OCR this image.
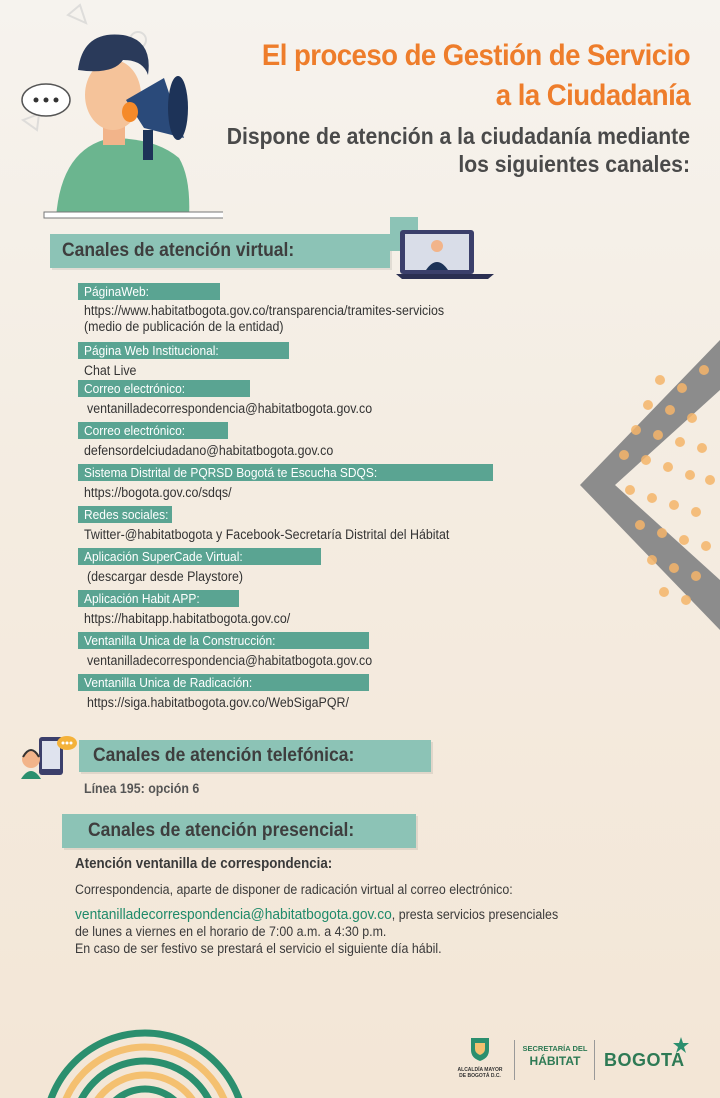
El proceso de Gestión de Servicio
a la Ciudadanía
Dispone de atención a la ciudadanía mediante
los siguientes canales:
Canales de atención virtual:
PáginaWeb:
https://www.habitatbogota.gov.co/transparencia/tramites-servicios
(medio de publicación de la entidad)
Página Web Institucional:
Chat Live
Correo electrónico:
ventanilladecorrespondencia@habitatbogota.gov.co
Correo electrónico:
defensordelciudadano@habitatbogota.gov.co
Sistema Distrital de PQRSD Bogotá te Escucha SDQS:
https://bogota.gov.co/sdqs/
Redes sociales:
Twitter-@habitatbogota y Facebook-Secretaría Distrital del Hábitat
Aplicación SuperCade Virtual:
(descargar desde Playstore)
Aplicación Habit APP:
https://habitapp.habitatbogota.gov.co/
Ventanilla Unica de la Construcción:
ventanilladecorrespondencia@habitatbogota.gov.co
Ventanilla Unica de Radicación:
https://siga.habitatbogota.gov.co/WebSigaPQR/
Canales de atención telefónica:
Línea 195: opción 6
Canales de atención presencial:
Atención ventanilla de correspondencia:
Correspondencia, aparte de disponer de radicación virtual al correo electrónico:
ventanilladecorrespondencia@habitatbogota.gov.co, presta servicios presenciales
de lunes a viernes en el horario de 7:00 a.m. a 4:30 p.m.
En caso de ser festivo se prestará el servicio el siguiente día hábil.
ALCALDÍA MAYOR
DE BOGOTÁ D.C.
SECRETARÍA DEL
HÁBITAT	BOGOTA
